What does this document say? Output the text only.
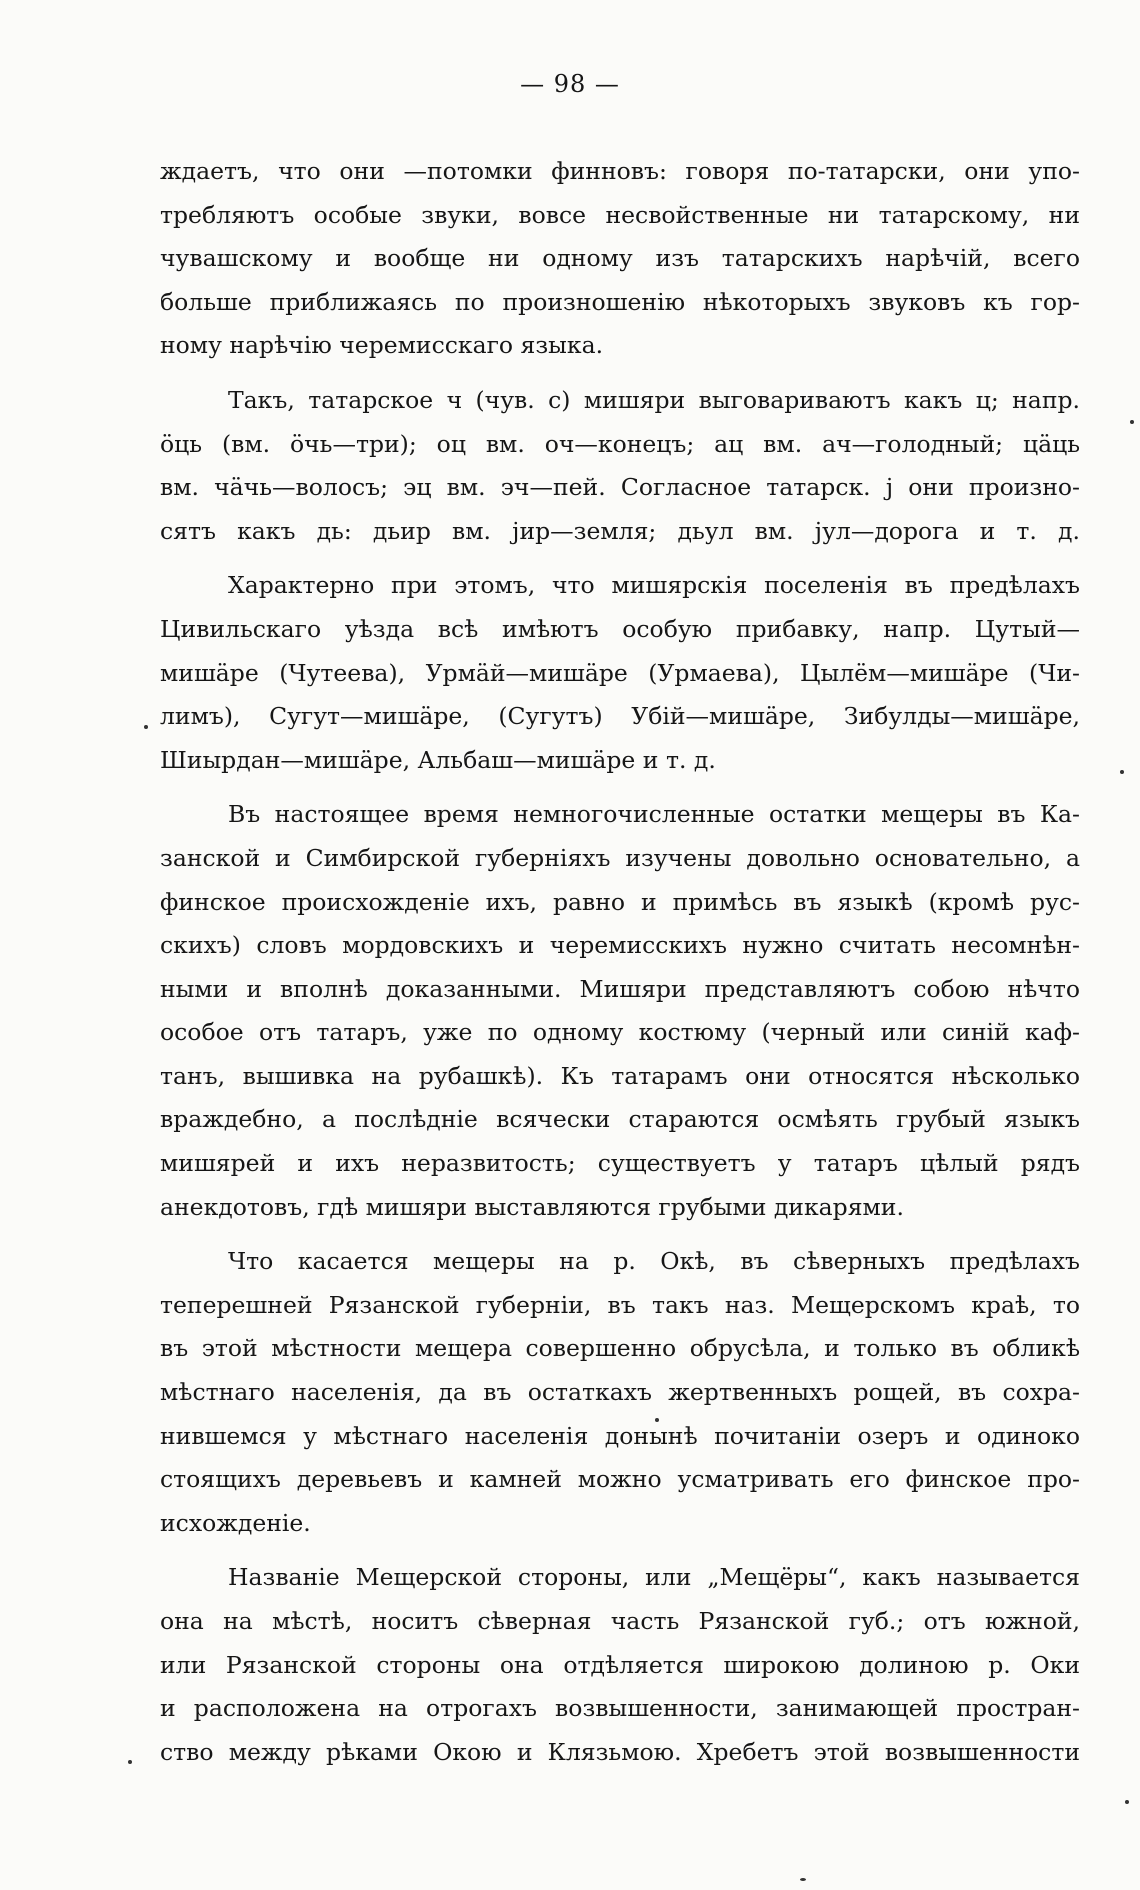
— 98 —
ждаетъ, что они —потомки финновъ: говоря по-татарски, они упо-
требляютъ особые звуки, вовсе несвойственные ни татарскому, ни
чувашскому и вообще ни одному изъ татарскихъ нарѣчій, всего
больше приближаясь по произношенію нѣкоторыхъ звуковъ къ гор-
ному нарѣчію черемисскаго языка.
Такъ, татарское ч (чув. с) мишяри выговариваютъ какъ ц; напр.
öць (вм. öчь—три); оц вм. оч—конецъ; ац вм. ач—голодный; цäць
вм. чäчь—волосъ; эц вм. эч—пей. Согласное татарск. j они произно-
сятъ какъ дь: дьир вм. jир—земля; дьул вм. jул—дорога и т. д.
Характерно при этомъ, что мишярскія поселенія въ предѣлахъ
Цивильскаго уѣзда всѣ имѣютъ особую прибавку, напр. Цутый—
мишäре (Чутеева), Урмäй—мишäре (Урмаева), Цылём—мишäре (Чи-
лимъ), Сугут—мишäре, (Сугутъ) Убiй—мишäре, Зибулды—мишäре,
Шиырдан—мишäре, Альбаш—мишäре и т. д.
Въ настоящее время немногочисленные остатки мещеры въ Ка-
занской и Симбирской губерніяхъ изучены довольно основательно, а
финское происхожденіе ихъ, равно и примѣсь въ языкѣ (кромѣ рус-
скихъ) словъ мордовскихъ и черемисскихъ нужно считать несомнѣн-
ными и вполнѣ доказанными. Мишяри представляютъ собою нѣчто
особое отъ татаръ, уже по одному костюму (черный или синій каф-
танъ, вышивка на рубашкѣ). Къ татарамъ они относятся нѣсколько
враждебно, а послѣдніе всячески стараются осмѣять грубый языкъ
мишярей и ихъ неразвитость; существуетъ у татаръ цѣлый рядъ
анекдотовъ, гдѣ мишяри выставляются грубыми дикарями.
Что касается мещеры на р. Окѣ, въ сѣверныхъ предѣлахъ
теперешней Рязанской губерніи, въ такъ наз. Мещерскомъ краѣ, то
въ этой мѣстности мещера совершенно обрусѣла, и только въ обликѣ
мѣстнаго населенія, да въ остаткахъ жертвенныхъ рощей, въ сохра-
нившемся у мѣстнаго населенія донынѣ почитаніи озеръ и одиноко
стоящихъ деревьевъ и камней можно усматривать его финское про-
исхожденіе.
Названіе Мещерской стороны, или „Мещёры“, какъ называется
она на мѣстѣ, носитъ сѣверная часть Рязанской губ.; отъ южной,
или Рязанской стороны она отдѣляется широкою долиною р. Оки
и расположена на отрогахъ возвышенности, занимающей простран-
ство между рѣками Окою и Клязьмою. Хребетъ этой возвышенности
